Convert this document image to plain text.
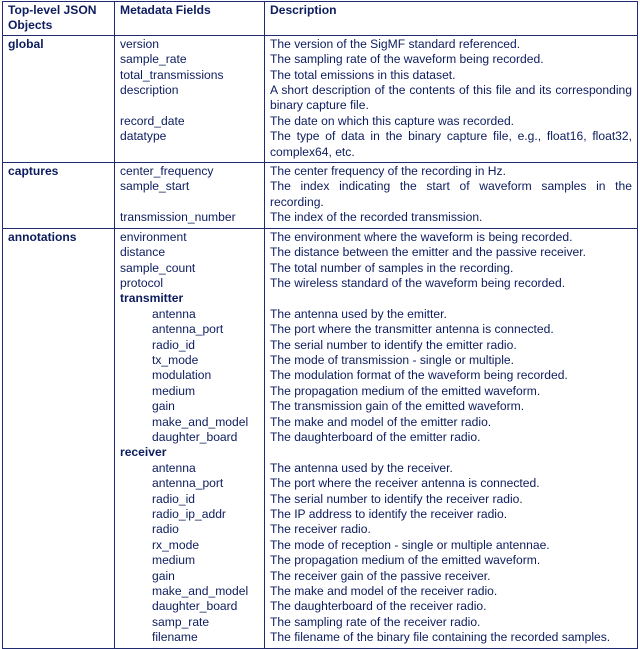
Top-level JSON Objects	Metadata Fields	Description
global	version	The version of the SigMF standard referenced.
	sample_rate	The sampling rate of the waveform being recorded.
	total_transmissions	The total emissions in this dataset.
	description	A short description of the contents of this file and its corresponding binary capture file.
	record_date	The date on which this capture was recorded.
	datatype	The type of data in the binary capture file, e.g., float16, float32, complex64, etc.
captures	center_frequency	The center frequency of the recording in Hz.
	sample_start	The index indicating the start of waveform samples in the recording.
	transmission_number	The index of the recorded transmission.
annotations	environment	The environment where the waveform is being recorded.
	distance	The distance between the emitter and the passive receiver.
	sample_count	The total number of samples in the recording.
	protocol	The wireless standard of the waveform being recorded.
	transmitter	
	antenna	The antenna used by the emitter.
	antenna_port	The port where the transmitter antenna is connected.
	radio_id	The serial number to identify the emitter radio.
	tx_mode	The mode of transmission - single or multiple.
	modulation	The modulation format of the waveform being recorded.
	medium	The propagation medium of the emitted waveform.
	gain	The transmission gain of the emitted waveform.
	make_and_model	The make and model of the emitter radio.
	daughter_board	The daughterboard of the emitter radio.
	receiver	
	antenna	The antenna used by the receiver.
	antenna_port	The port where the receiver antenna is connected.
	radio_id	The serial number to identify the receiver radio.
	radio_ip_addr	The IP address to identify the receiver radio.
	radio	The receiver radio.
	rx_mode	The mode of reception - single or multiple antennae.
	medium	The propagation medium of the emitted waveform.
	gain	The receiver gain of the passive receiver.
	make_and_model	The make and model of the receiver radio.
	daughter_board	The daughterboard of the receiver radio.
	samp_rate	The sampling rate of the receiver radio.
	filename	The filename of the binary file containing the recorded samples.
